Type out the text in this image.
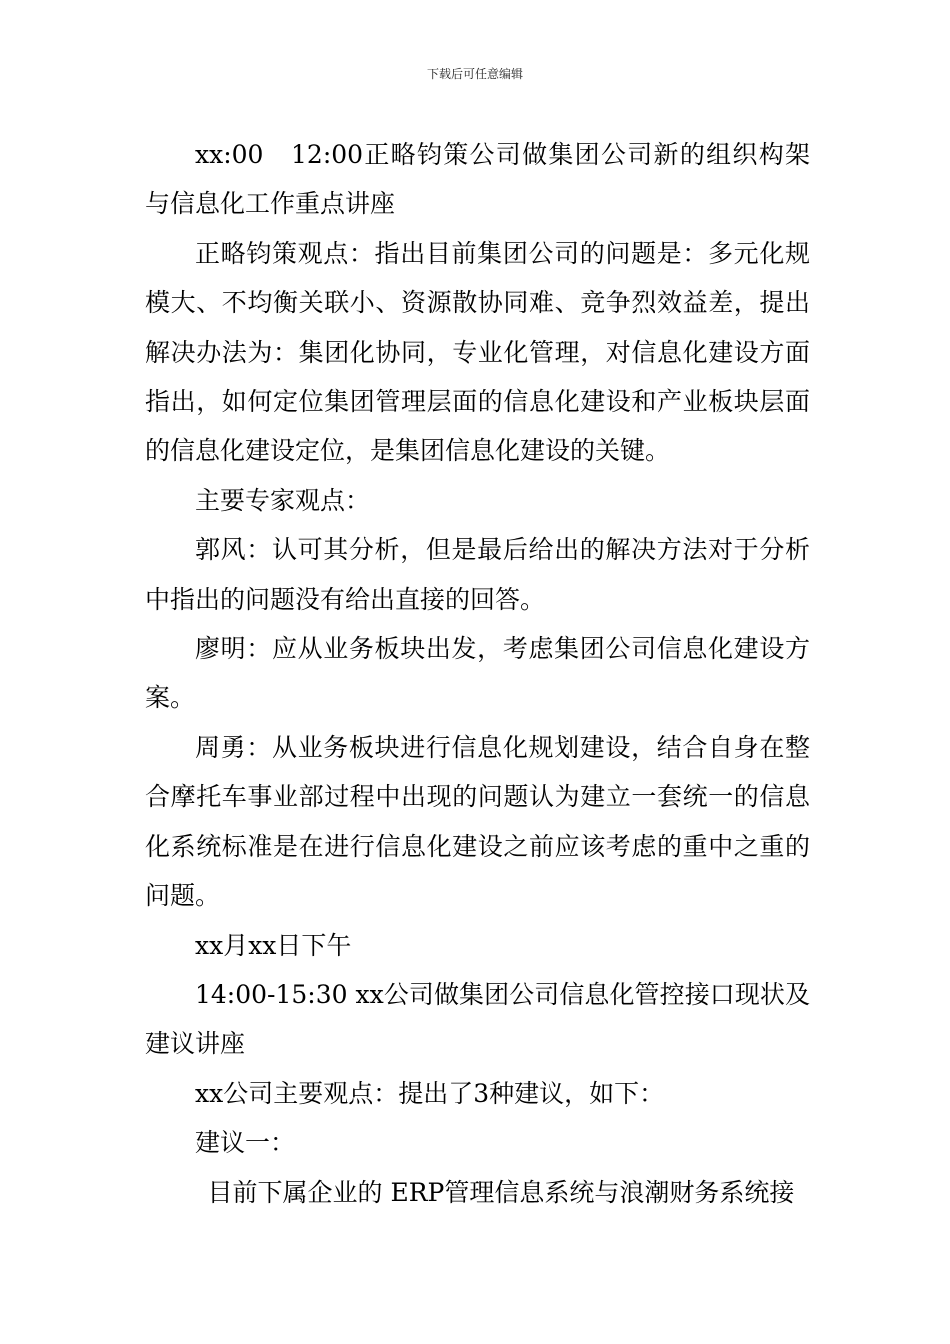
下载后可任意编辑

xx:00　12:00正略钧策公司做集团公司新的组织构架与信息化工作重点讲座

正略钧策观点：指出目前集团公司的问题是：多元化规模大、不均衡关联小、资源散协同难、竞争烈效益差，提出解决办法为：集团化协同，专业化管理，对信息化建设方面指出，如何定位集团管理层面的信息化建设和产业板块层面的信息化建设定位，是集团信息化建设的关键。

主要专家观点：

郭风：认可其分析，但是最后给出的解决方法对于分析中指出的问题没有给出直接的回答。

廖明：应从业务板块出发，考虑集团公司信息化建设方案。

周勇：从业务板块进行信息化规划建设，结合自身在整合摩托车事业部过程中出现的问题认为建立一套统一的信息化系统标准是在进行信息化建设之前应该考虑的重中之重的问题。

xx月xx日下午

14:00-15:30 xx公司做集团公司信息化管控接口现状及建议讲座

xx公司主要观点：提出了3种建议，如下：

建议一：

目前下属企业的 ERP管理信息系统与浪潮财务系统接
